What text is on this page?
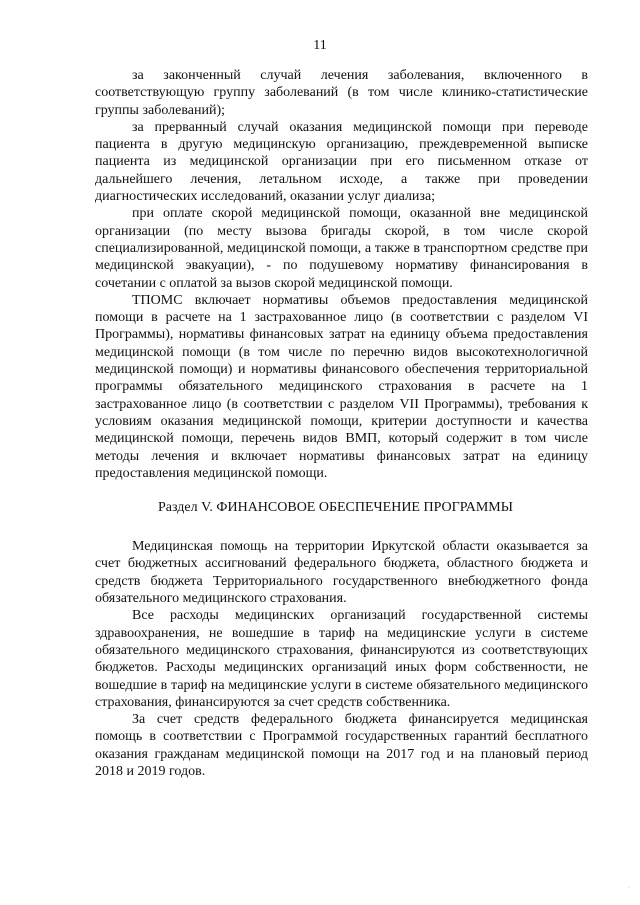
11

за законченный случай лечения заболевания, включенного в соответствующую группу заболеваний (в том числе клинико-статистические группы заболеваний);

за прерванный случай оказания медицинской помощи при переводе пациента в другую медицинскую организацию, преждевременной выписке пациента из медицинской организации при его письменном отказе от дальнейшего лечения, летальном исходе, а также при проведении диагностических исследований, оказании услуг диализа;

при оплате скорой медицинской помощи, оказанной вне медицинской организации (по месту вызова бригады скорой, в том числе скорой специализированной, медицинской помощи, а также в транспортном средстве при медицинской эвакуации), - по подушевому нормативу финансирования в сочетании с оплатой за вызов скорой медицинской помощи.

ТПОМС включает нормативы объемов предоставления медицинской помощи в расчете на 1 застрахованное лицо (в соответствии с разделом VI Программы), нормативы финансовых затрат на единицу объема предоставления медицинской помощи (в том числе по перечню видов высокотехнологичной медицинской помощи) и нормативы финансового обеспечения территориальной программы обязательного медицинского страхования в расчете на 1 застрахованное лицо (в соответствии с разделом VII Программы), требования к условиям оказания медицинской помощи, критерии доступности и качества медицинской помощи, перечень видов ВМП, который содержит в том числе методы лечения и включает нормативы финансовых затрат на единицу предоставления медицинской помощи.

Раздел V. ФИНАНСОВОЕ ОБЕСПЕЧЕНИЕ ПРОГРАММЫ

Медицинская помощь на территории Иркутской области оказывается за счет бюджетных ассигнований федерального бюджета, областного бюджета и средств бюджета Территориального государственного внебюджетного фонда обязательного медицинского страхования.

Все расходы медицинских организаций государственной системы здравоохранения, не вошедшие в тариф на медицинские услуги в системе обязательного медицинского страхования, финансируются из соответствующих бюджетов. Расходы медицинских организаций иных форм собственности, не вошедшие в тариф на медицинские услуги в системе обязательного медицинского страхования, финансируются за счет средств собственника.

За счет средств федерального бюджета финансируется медицинская помощь в соответствии с Программой государственных гарантий бесплатного оказания гражданам медицинской помощи на 2017 год и на плановый период 2018 и 2019 годов.

·
